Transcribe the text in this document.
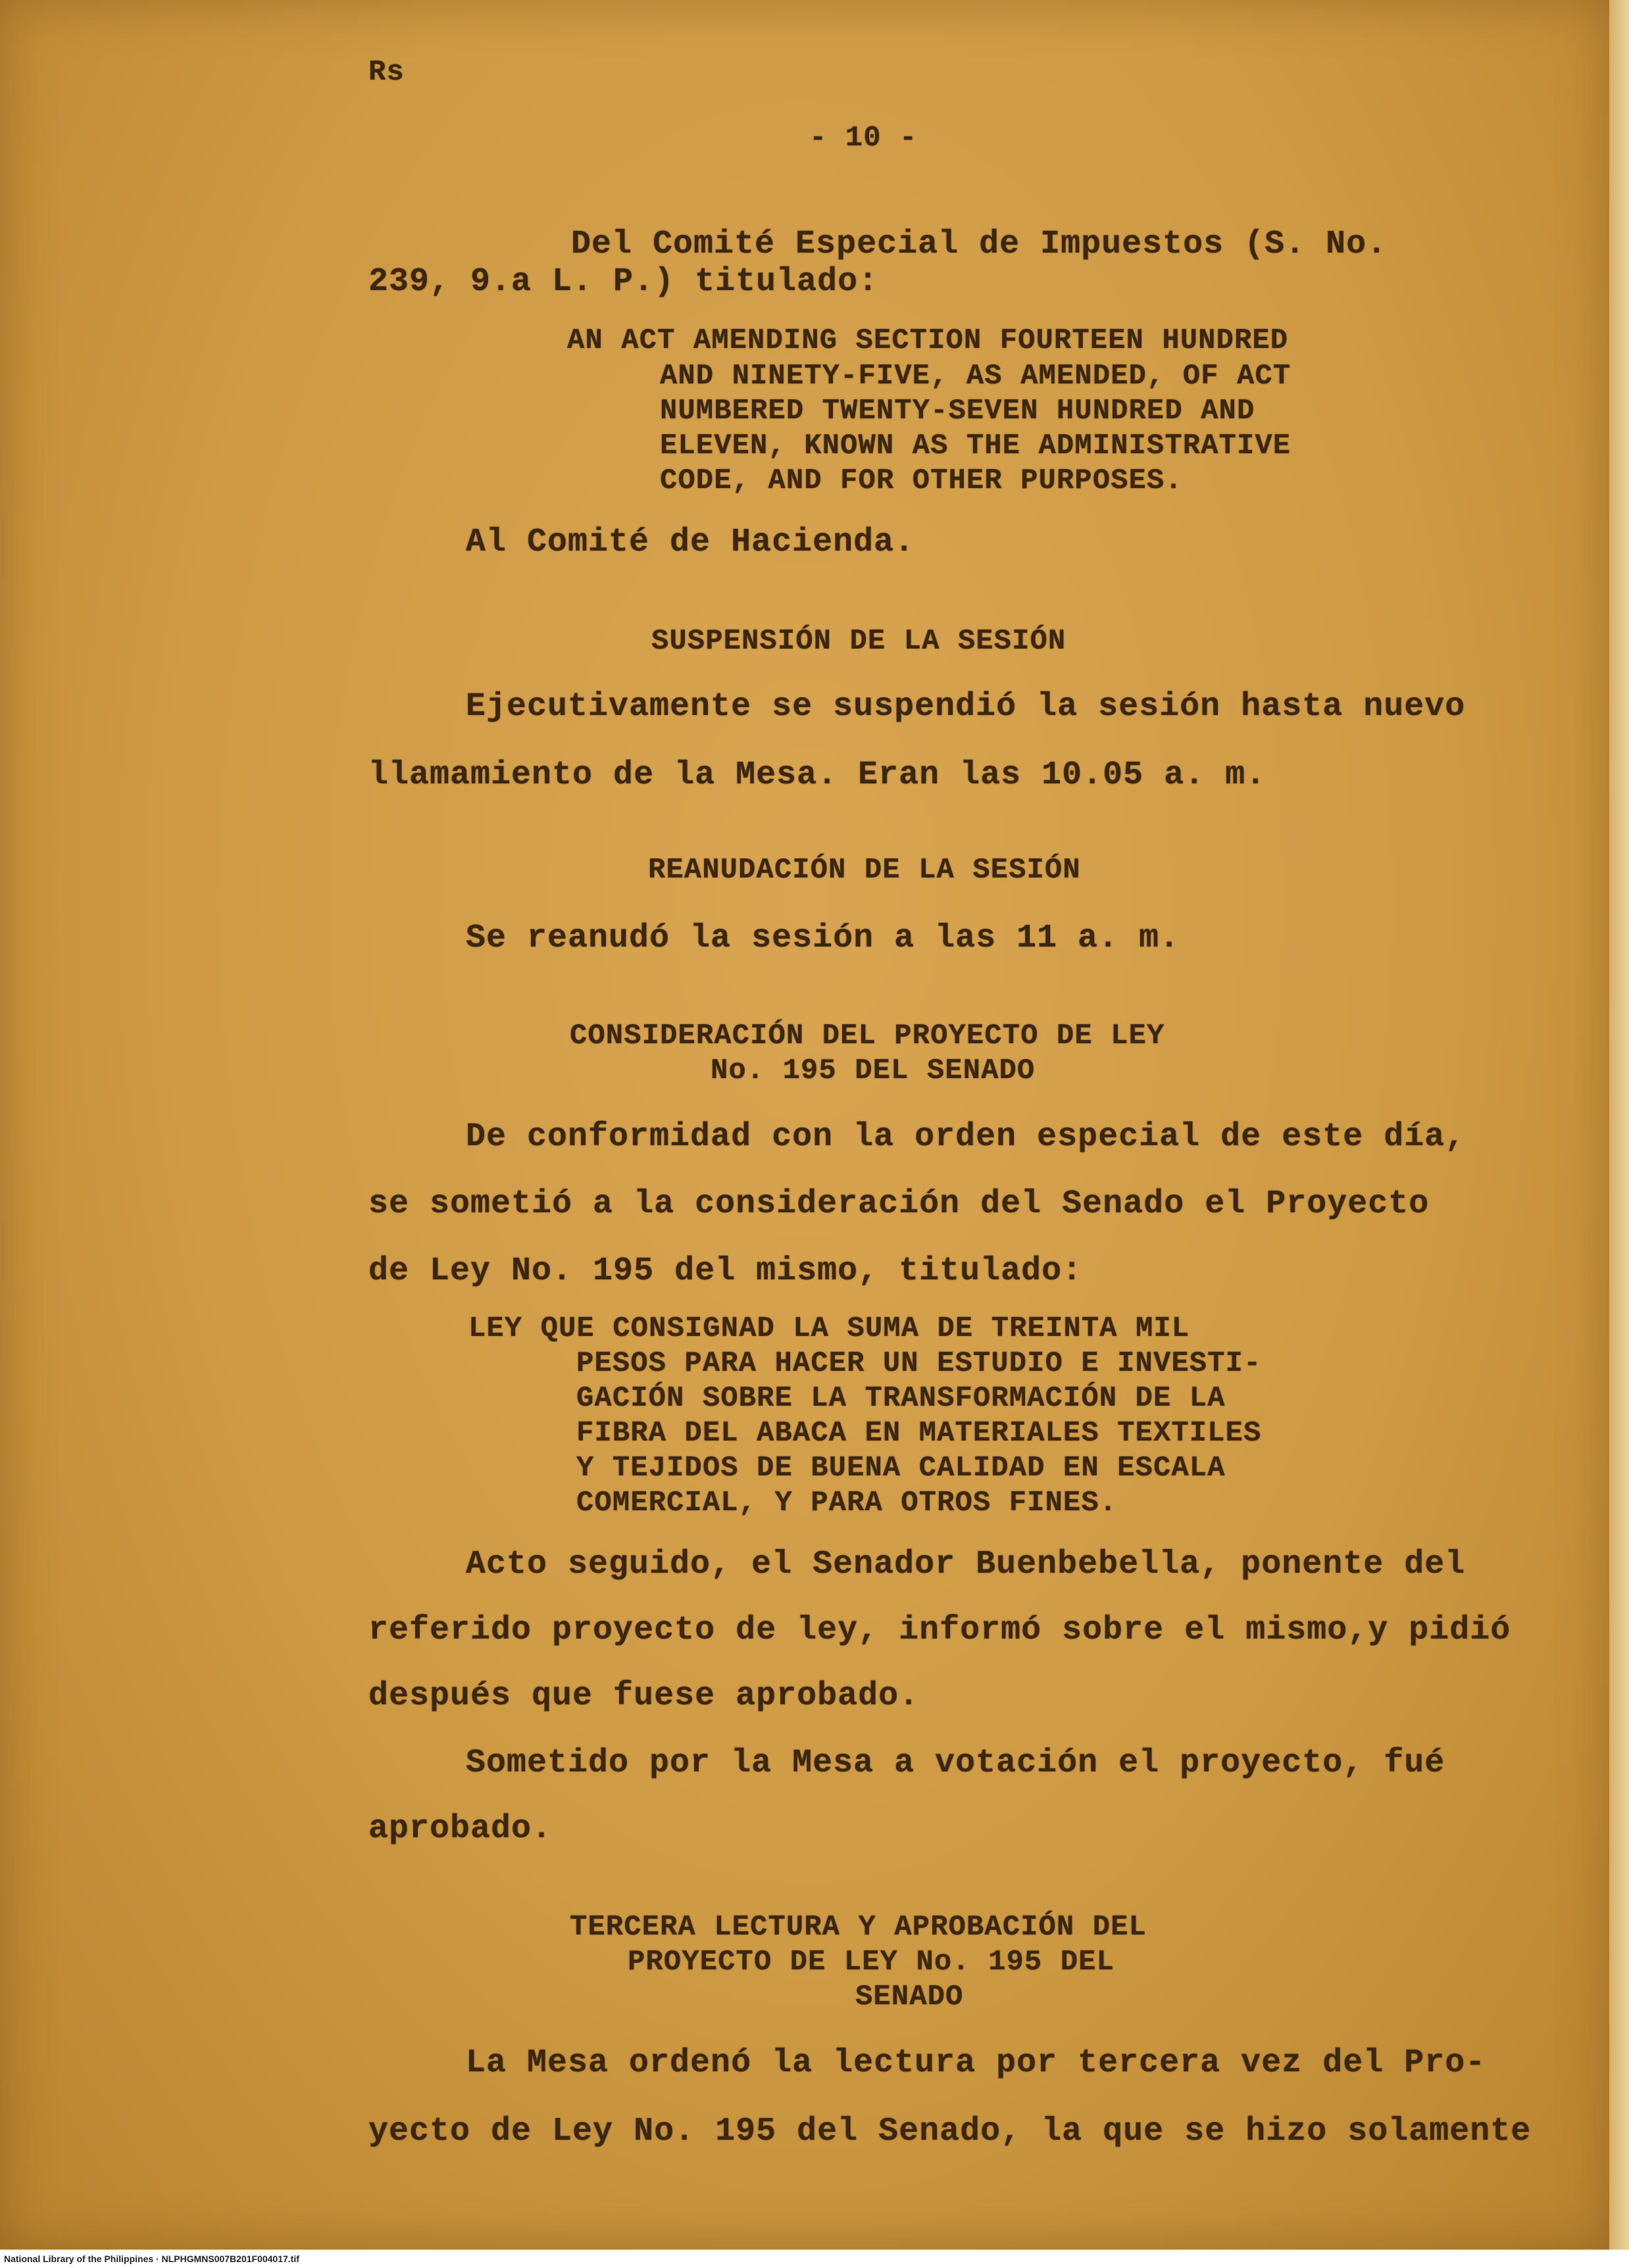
Rs

- 10 -

Del Comité Especial de Impuestos (S. No.

239, 9.a L. P.) titulado:

AN ACT AMENDING SECTION FOURTEEN HUNDRED

AND NINETY-FIVE, AS AMENDED, OF ACT

NUMBERED TWENTY-SEVEN HUNDRED AND

ELEVEN, KNOWN AS THE ADMINISTRATIVE

CODE, AND FOR OTHER PURPOSES.

Al Comité de Hacienda.

SUSPENSIÓN DE LA SESIÓN

Ejecutivamente se suspendió la sesión hasta nuevo

llamamiento de la Mesa. Eran las 10.05 a. m.

REANUDACIÓN DE LA SESIÓN

Se reanudó la sesión a las 11 a. m.

CONSIDERACIÓN DEL PROYECTO DE LEY

No. 195 DEL SENADO

De conformidad con la orden especial de este día,

se sometió a la consideración del Senado el Proyecto

de Ley No. 195 del mismo, titulado:

LEY QUE CONSIGNAD LA SUMA DE TREINTA MIL

PESOS PARA HACER UN ESTUDIO E INVESTI-

GACIÓN SOBRE LA TRANSFORMACIÓN DE LA

FIBRA DEL ABACA EN MATERIALES TEXTILES

Y TEJIDOS DE BUENA CALIDAD EN ESCALA

COMERCIAL, Y PARA OTROS FINES.

Acto seguido, el Senador Buenbebella, ponente del

referido proyecto de ley, informó sobre el mismo,y pidió

después que fuese aprobado.

Sometido por la Mesa a votación el proyecto, fué

aprobado.

TERCERA LECTURA Y APROBACIÓN DEL

PROYECTO DE LEY No. 195 DEL

SENADO

La Mesa ordenó la lectura por tercera vez del Pro-

yecto de Ley No. 195 del Senado, la que se hizo solamente

National Library of the Philippines · NLPHGMNS007B201F004017.tif
